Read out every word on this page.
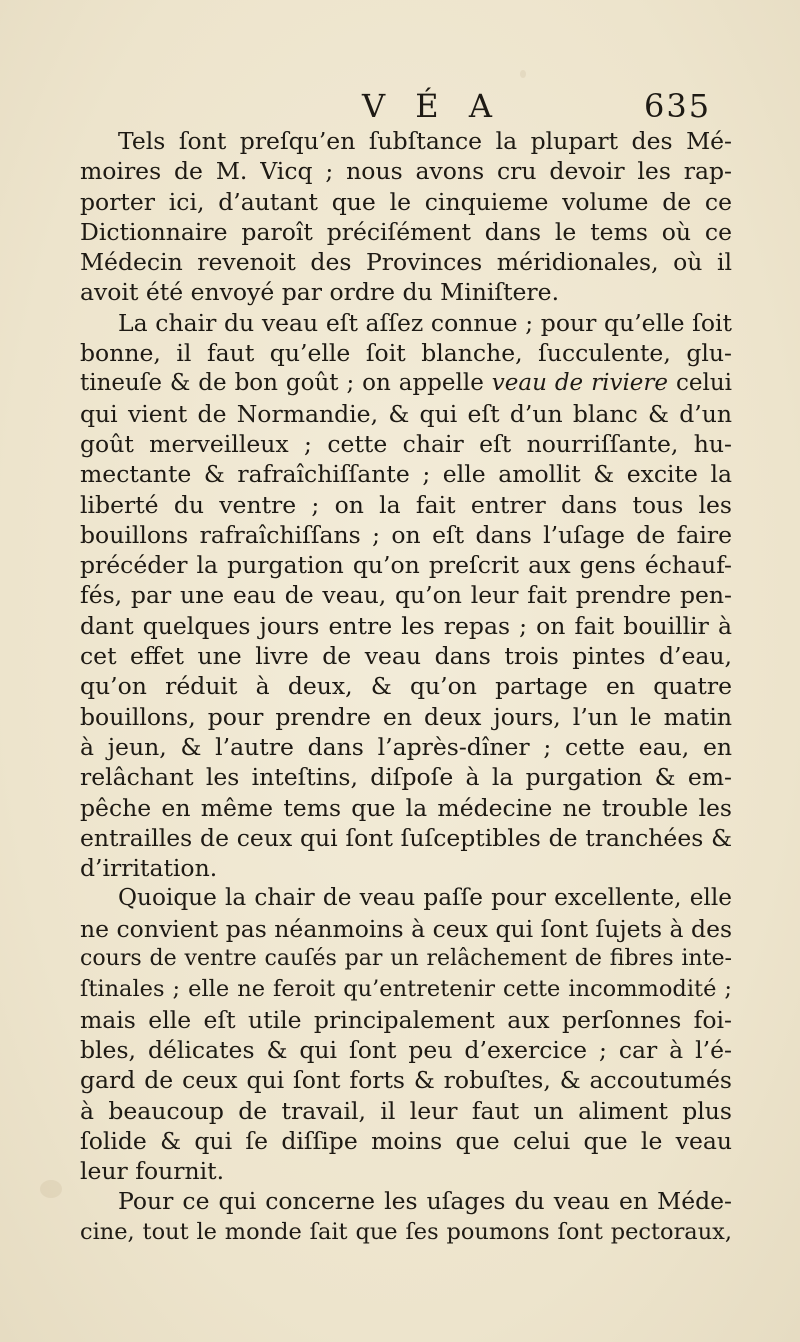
V É A	635

Tels ſont preſqu’en ſubſtance la plupart des Mé-
moires de M. Vicq ; nous avons cru devoir les rap-
porter ici, d’autant que le cinquieme volume de ce
Dictionnaire paroît préciſément dans le tems où ce
Médecin revenoit des Provinces méridionales, où il
avoit été envoyé par ordre du Miniſtere.

La chair du veau eſt aſſez connue ; pour qu’elle ſoit
bonne, il faut qu’elle ſoit blanche, ſucculente, glu-
tineuſe & de bon goût ; on appelle veau de riviere celui
qui vient de Normandie, & qui eſt d’un blanc & d’un
goût merveilleux ; cette chair eſt nourriſſante, hu-
mectante & rafraîchiſſante ; elle amollit & excite la
liberté du ventre ; on la fait entrer dans tous les
bouillons rafraîchiſſans ; on eſt dans l’uſage de faire
précéder la purgation qu’on preſcrit aux gens échauf-
fés, par une eau de veau, qu’on leur fait prendre pen-
dant quelques jours entre les repas ; on fait bouillir à
cet effet une livre de veau dans trois pintes d’eau,
qu’on réduit à deux, & qu’on partage en quatre
bouillons, pour prendre en deux jours, l’un le matin
à jeun, & l’autre dans l’après-dîner ; cette eau, en
relâchant les inteſtins, diſpoſe à la purgation & em-
pêche en même tems que la médecine ne trouble les
entrailles de ceux qui ſont ſuſceptibles de tranchées &
d’irritation.

Quoique la chair de veau paſſe pour excellente, elle
ne convient pas néanmoins à ceux qui ſont ſujets à des
cours de ventre cauſés par un relâchement de fibres inte-
ſtinales ; elle ne feroit qu’entretenir cette incommodité ;
mais elle eſt utile principalement aux perſonnes foi-
bles, délicates & qui ſont peu d’exercice ; car à l’é-
gard de ceux qui ſont forts & robuſtes, & accoutumés
à beaucoup de travail, il leur faut un aliment plus
ſolide & qui ſe diſſipe moins que celui que le veau
leur fournit.

Pour ce qui concerne les uſages du veau en Méde-
cine, tout le monde ſait que ſes poumons ſont pectoraux,
